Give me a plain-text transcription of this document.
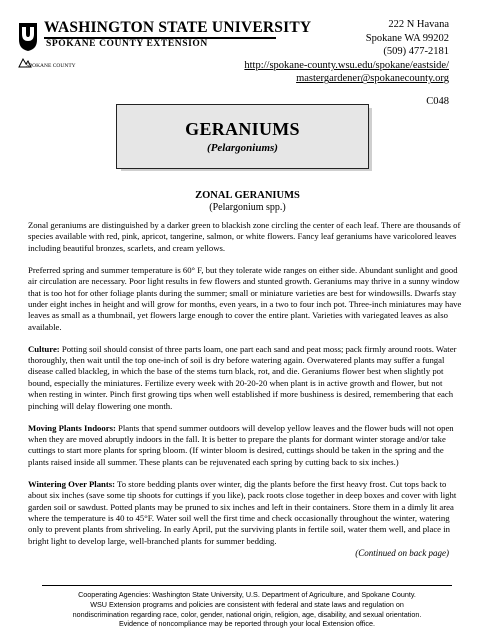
WASHINGTON STATE UNIVERSITY
SPOKANE COUNTY EXTENSION
SPOKANE COUNTY
222 N Havana
Spokane WA 99202
(509) 477-2181
http://spokane-county.wsu.edu/spokane/eastside/
mastergardener@spokanecounty.org
C048
GERANIUMS
(Pelargoniums)
ZONAL GERANIUMS
(Pelargonium spp.)

Zonal geraniums are distinguished by a darker green to blackish zone circling the center of each leaf. There are thousands of species available with red, pink, apricot, tangerine, salmon, or white flowers. Fancy leaf geraniums have varicolored leaves including beautiful bronzes, scarlets, and cream yellows.

Preferred spring and summer temperature is 60° F, but they tolerate wide ranges on either side. Abundant sunlight and good air circulation are necessary. Poor light results in few flowers and stunted growth. Geraniums may thrive in a sunny window that is too hot for other foliage plants during the summer; small or miniature varieties are best for windowsills. Dwarfs stay under eight inches in height and will grow for months, even years, in a two to four inch pot. Three-inch miniatures may have leaves as small as a thumbnail, yet flowers large enough to cover the entire plant. Varieties with variegated leaves as also available.

Culture: Potting soil should consist of three parts loam, one part each sand and peat moss; pack firmly around roots. Water thoroughly, then wait until the top one-inch of soil is dry before watering again. Overwatered plants may suffer a fungal disease called blackleg, in which the base of the stems turn black, rot, and die. Geraniums flower best when slightly pot bound, especially the miniatures. Fertilize every week with 20-20-20 when plant is in active growth and flower, but not when resting in winter. Pinch first growing tips when well established if more bushiness is desired, remembering that each pinching will delay flowering one month.

Moving Plants Indoors: Plants that spend summer outdoors will develop yellow leaves and the flower buds will not open when they are moved abruptly indoors in the fall. It is better to prepare the plants for dormant winter storage and/or take cuttings to start more plants for spring bloom. (If winter bloom is desired, cuttings should be taken in the spring and the plants raised inside all summer. These plants can be rejuvenated each spring by cutting back to six inches.)

Wintering Over Plants: To store bedding plants over winter, dig the plants before the first heavy frost. Cut tops back to about six inches (save some tip shoots for cuttings if you like), pack roots close together in deep boxes and cover with light garden soil or sawdust. Potted plants may be pruned to six inches and left in their containers. Store them in a dimly lit area where the temperature is 40 to 45°F. Water soil well the first time and check occasionally throughout the winter, watering only to prevent plants from shriveling. In early April, put the surviving plants in fertile soil, water them well, and place in bright light to develop large, well-branched plants for summer bedding.

(Continued on back page)
Cooperating Agencies: Washington State University, U.S. Department of Agriculture, and Spokane County.
WSU Extension programs and policies are consistent with federal and state laws and regulation on
nondiscrimination regarding race, color, gender, national origin, religion, age, disability, and sexual orientation.
Evidence of noncompliance may be reported through your local Extension office.
